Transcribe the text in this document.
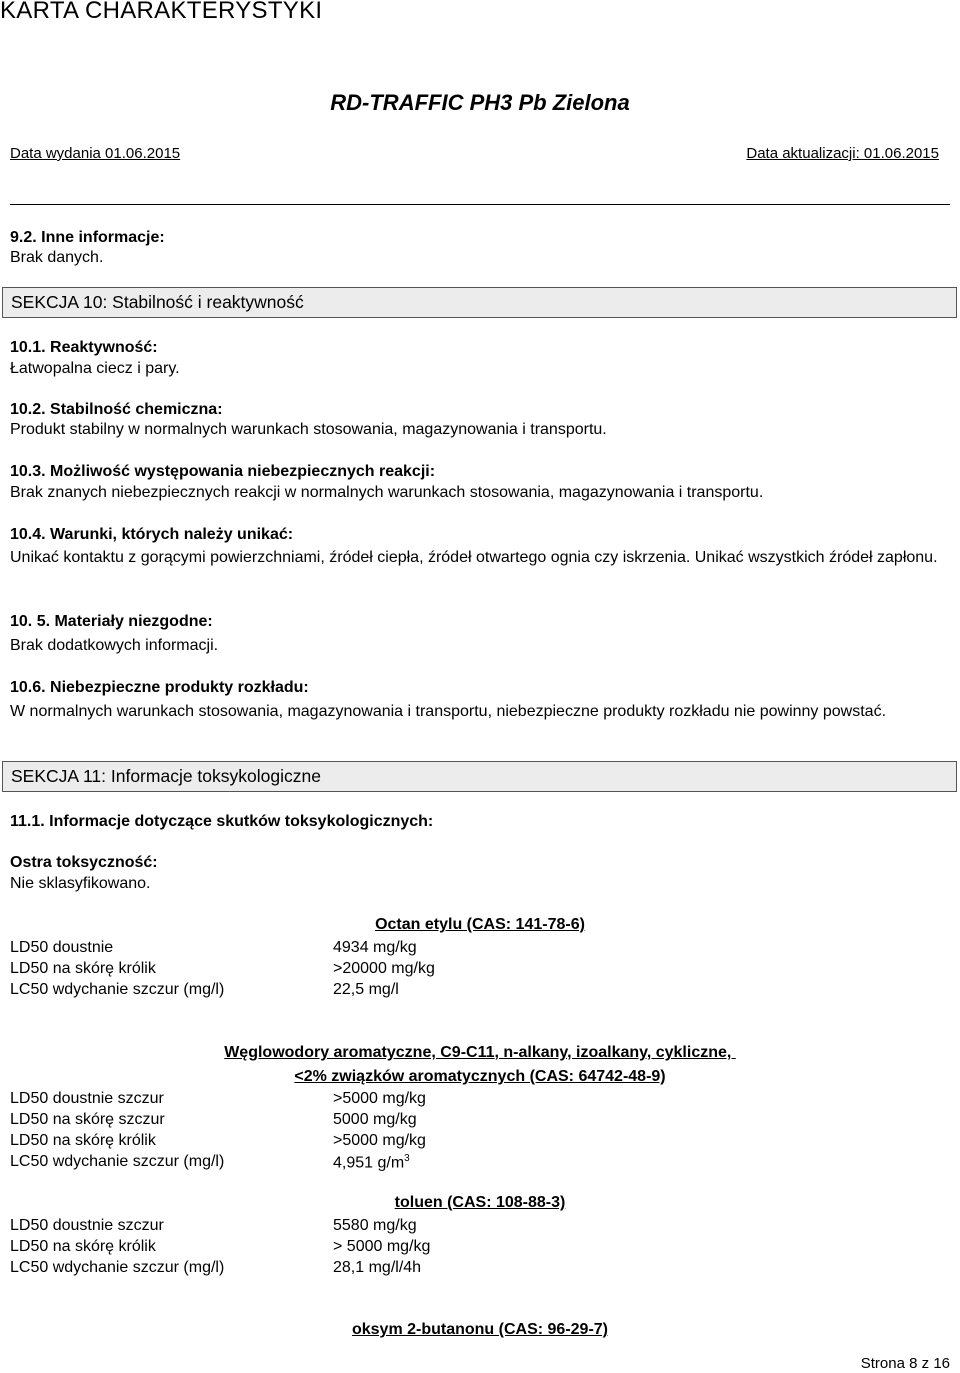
KARTA CHARAKTERYSTYKI
RD-TRAFFIC PH3 Pb Zielona
Data wydania 01.06.2015	Data aktualizacji: 01.06.2015
9.2. Inne informacje:
Brak danych.
SEKCJA 10: Stabilność i reaktywność
10.1. Reaktywność:
Łatwopalna ciecz i pary.
10.2. Stabilność chemiczna:
Produkt stabilny w normalnych warunkach stosowania, magazynowania i transportu.
10.3. Możliwość występowania niebezpiecznych reakcji:
Brak znanych niebezpiecznych reakcji w normalnych warunkach stosowania, magazynowania i transportu.
10.4. Warunki, których należy unikać:
Unikać kontaktu z gorącymi powierzchniami, źródeł ciepła, źródeł otwartego ognia czy iskrzenia. Unikać wszystkich źródeł zapłonu.
10. 5. Materiały niezgodne:
Brak dodatkowych informacji.
10.6. Niebezpieczne produkty rozkładu:
W normalnych warunkach stosowania, magazynowania i transportu, niebezpieczne produkty rozkładu nie powinny powstać.
SEKCJA 11: Informacje toksykologiczne
11.1. Informacje dotyczące skutków toksykologicznych:
Ostra toksyczność:
Nie sklasyfikowano.
Octan etylu (CAS: 141-78-6)
LD50 doustnie	4934 mg/kg
LD50 na skórę królik	>20000 mg/kg
LC50 wdychanie szczur (mg/l)	22,5 mg/l
Węglowodory aromatyczne, C9-C11, n-alkany, izoalkany, cykliczne,
<2% związków aromatycznych (CAS: 64742-48-9)
LD50 doustnie szczur	>5000 mg/kg
LD50 na skórę szczur	5000 mg/kg
LD50 na skórę królik	>5000 mg/kg
LC50 wdychanie szczur (mg/l)	4,951 $g/m^3$
toluen (CAS: 108-88-3)
LD50 doustnie szczur	5580 mg/kg
LD50 na skórę królik	> 5000 mg/kg
LC50 wdychanie szczur (mg/l)	28,1 mg/l/4h
oksym 2-butanonu (CAS: 96-29-7)
Strona 8 z 16
